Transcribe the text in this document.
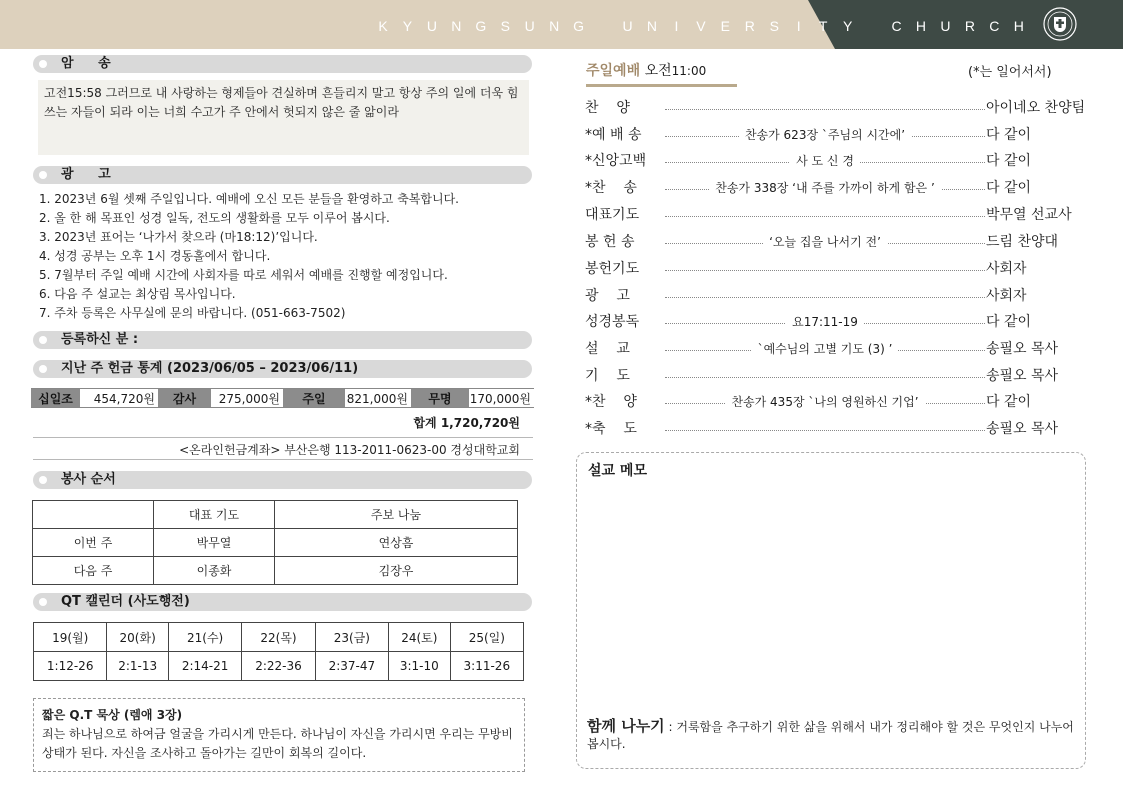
K Y U N G S U N G	U N	I	V E R S	I	T Y	C H U R C H
암 송
고전15:58 그러므로 내 사랑하는 형제들아 견실하며 흔들리지 말고 항상 주의 일에 더욱 힘쓰는 자들이 되라 이는 너희 수고가 주 안에서 헛되지 않은 줄 앎이라
광 고
1. 2023년 6월 셋째 주일입니다. 예배에 오신 모든 분들을 환영하고 축복합니다.
2. 올 한 해 목표인 성경 일독, 전도의 생활화를 모두 이루어 봅시다.
3. 2023년 표어는 ‘나가서 찾으라 (마18:12)’입니다.
4. 성경 공부는 오후 1시 경동홀에서 합니다.
5. 7월부터 주일 예배 시간에 사회자를 따로 세워서 예배를 진행할 예정입니다.
6. 다음 주 설교는 최상림 목사입니다.
7. 주차 등록은 사무실에 문의 바랍니다. (051-663-7502)
등록하신 분 :
지난 주 헌금 통계 (2023/06/05 – 2023/06/11)
십일조	454,720원	감사	275,000원	주일	821,000원	무명	170,000원
합계 1,720,720원
<온라인헌금계좌> 부산은행 113-2011-0623-00 경성대학교회
봉사 순서
	대표 기도	주보 나눔
이번 주	박무열	연상흠
다음 주	이종화	김장우
QT 캘린더 (사도행전)
19(월)	20(화)	21(수)	22(목)	23(금)	24(토)	25(일)
1:12-26	2:1-13	2:14-21	2:22-36	2:37-47	3:1-10	3:11-26
짧은 Q.T 묵상 (렘애 3장)
죄는 하나님으로 하여금 얼굴을 가리시게 만든다. 하나님이 자신을 가리시면 우리는 무방비 상태가 된다. 자신을 조사하고 돌아가는 길만이 회복의 길이다.
주일예배 오전11:00	(*는 일어서서)
찬    양	아이네오 찬양팀
*예 배 송	찬송가 623장 `주님의 시간에’	다 같이
*신앙고백	사 도 신 경	다 같이
*찬    송	찬송가 338장 ‘내 주를 가까이 하게 함은 ’	다 같이
대표기도	박무열 선교사
봉 헌 송	‘오늘 집을 나서기 전’	드림 찬양대
봉헌기도	사회자
광    고	사회자
성경봉독	요17:11-19	다 같이
설    교	`예수님의 고별 기도 (3) ’	송필오 목사
기    도	송필오 목사
*찬    양	찬송가 435장 `나의 영원하신 기업’	다 같이
*축    도	송필오 목사
설교 메모
함께 나누기 : 거룩함을 추구하기 위한 삶을 위해서 내가 정리해야 할 것은 무엇인지 나누어 봅시다.
